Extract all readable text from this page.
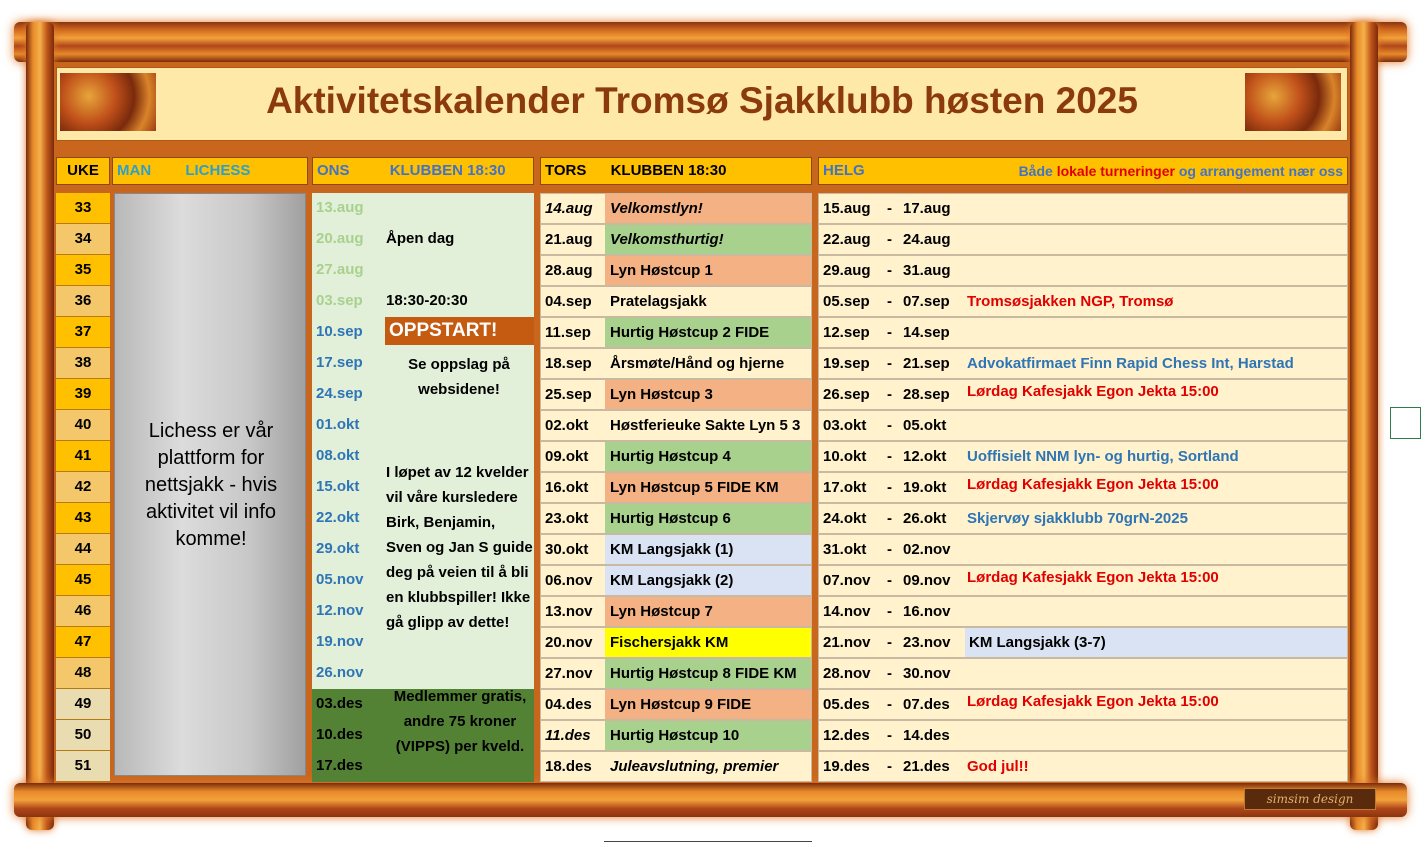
Aktivitetskalender Tromsø Sjakklubb høsten 2025
UKE	MAN LICHESS	ONS	KLUBBEN 18:30	TORS KLUBBEN 18:30	HELG	Både lokale turneringer og arrangement nær oss
33	13.aug	14.aug	Velkomstlyn!	15.aug - 17.aug
34	20.aug	21.aug	Velkomsthurtig!	22.aug - 24.aug
35	27.aug	28.aug	Lyn Høstcup 1	29.aug - 31.aug
36	03.sep	04.sep	Pratelagsjakk	05.sep - 07.sep Tromsøsjakken NGP, Tromsø
37	10.sep	11.sep	Hurtig Høstcup 2 FIDE	12.sep - 14.sep
38	17.sep	18.sep	Årsmøte/Hånd og hjerne	19.sep - 21.sep Advokatfirmaet Finn Rapid Chess Int, Harstad
39	24.sep	25.sep	Lyn Høstcup 3	26.sep - 28.sep Lørdag Kafesjakk Egon Jekta 15:00
40	01.okt	02.okt	Høstferieuke Sakte Lyn 5 3	03.okt - 05.okt
41	08.okt	09.okt	Hurtig Høstcup 4	10.okt - 12.okt Uoffisielt NNM lyn- og hurtig, Sortland
42	15.okt	16.okt	Lyn Høstcup 5 FIDE KM	17.okt - 19.okt Lørdag Kafesjakk Egon Jekta 15:00
43	22.okt	23.okt	Hurtig Høstcup 6	24.okt - 26.okt Skjervøy sjakklubb 70grN-2025
44	29.okt	30.okt	KM Langsjakk (1)	31.okt - 02.nov
45	05.nov	06.nov	KM Langsjakk (2)	07.nov - 09.nov Lørdag Kafesjakk Egon Jekta 15:00
46	12.nov	13.nov	Lyn Høstcup 7	14.nov - 16.nov
47	19.nov	20.nov	Fischersjakk KM	21.nov - 23.nov KM Langsjakk (3-7)
48	26.nov	27.nov	Hurtig Høstcup 8 FIDE KM	28.nov - 30.nov
49	03.des	04.des	Lyn Høstcup 9 FIDE	05.des - 07.des Lørdag Kafesjakk Egon Jekta 15:00
50	10.des	11.des	Hurtig Høstcup 10	12.des - 14.des
51	17.des	18.des	Juleavslutning, premier	19.des - 21.des God jul!!
Lichess er vår plattform for nettsjakk - hvis aktivitet vil info komme!
Åpen dag
18:30-20:30
OPPSTART!
Se oppslag på websidene!
I løpet av 12 kvelder vil våre kursledere Birk, Benjamin, Sven og Jan S guide deg på veien til å bli en klubbspiller! Ikke gå glipp av dette!
Medlemmer gratis, andre 75 kroner (VIPPS) per kveld.
simsim design
